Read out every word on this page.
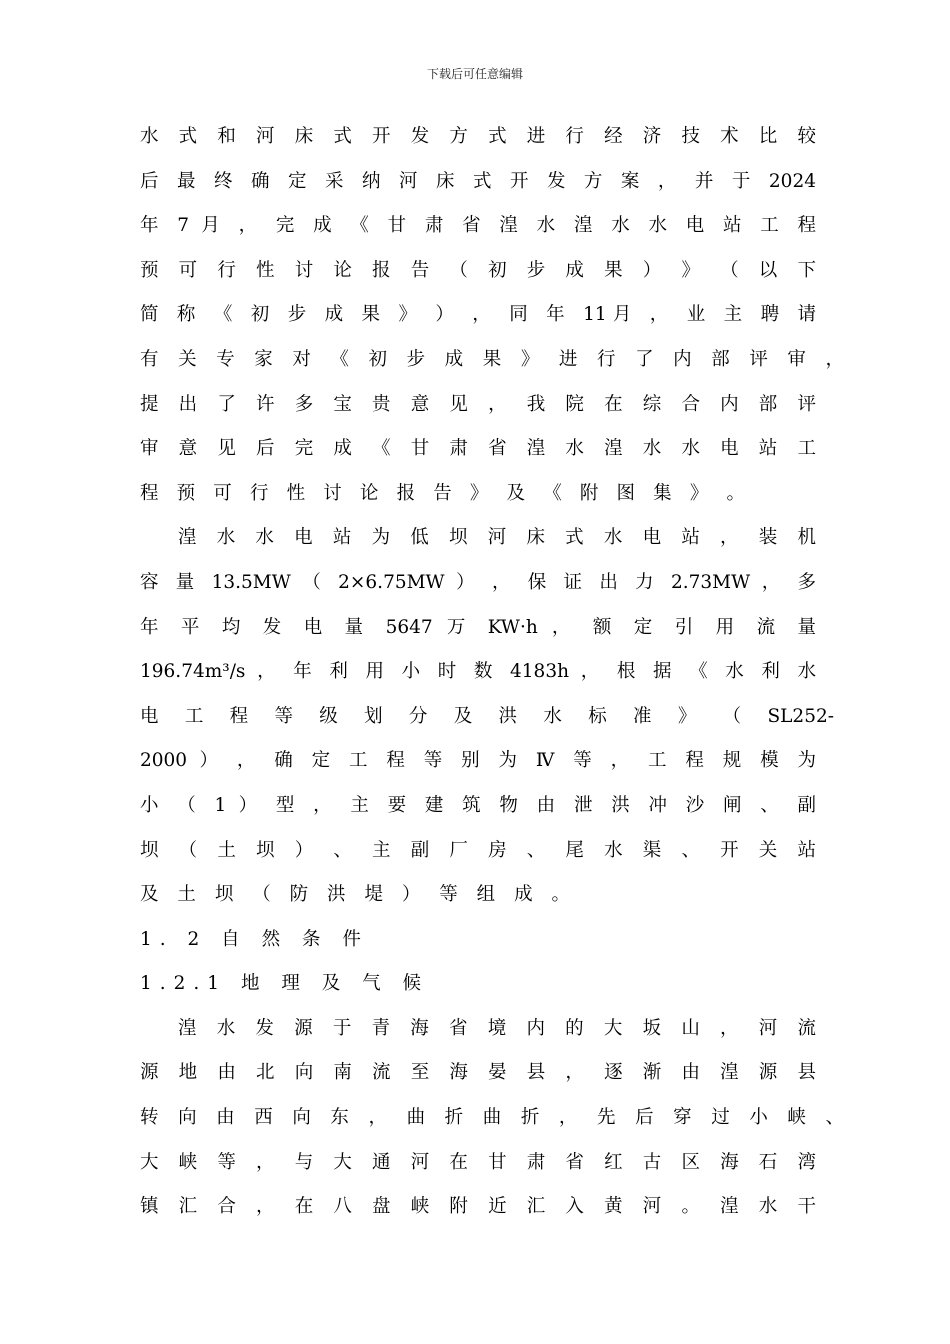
下载后可任意编辑
水 式 和 河 床 式 开 发 方 式 进 行 经 济 技 术 比 较
后 最 终 确 定 采 纳 河 床 式 开 发 方 案 ， 并 于 2024
年 7 月 ， 完 成 《 甘 肃 省 湟 水 湟 水 水 电 站 工 程
预 可 行 性 讨 论 报 告 （ 初 步 成 果 ） 》 （ 以 下
简 称 《 初 步 成 果 》 ） ， 同 年 11月 ， 业 主 聘 请
有 关 专 家 对 《 初 步 成 果 》 进 行 了 内 部 评 审 ，
提 出 了 许 多 宝 贵 意 见 ， 我 院 在 综 合 内 部 评
审 意 见 后 完 成 《 甘 肃 省 湟 水 湟 水 水 电 站 工
程 预 可 行 性 讨 论 报 告 》 及 《 附 图 集 》 。
湟 水 水 电 站 为 低 坝 河 床 式 水 电 站 ， 装 机
容 量 13.5MW （ 2×6.75MW ） ， 保 证 出 力 2.73MW ， 多
年 平 均 发 电 量 5647 万 KW·h ， 额 定 引 用 流 量
196.74m³/s ， 年 利 用 小 时 数 4183h ， 根 据 《 水 利 水
电 工 程 等 级 划 分 及 洪 水 标 准 》 （ SL252-
2000 ） ， 确 定 工 程 等 别 为 Ⅳ 等 ， 工 程 规 模 为
小 （ 1 ） 型 ， 主 要 建 筑 物 由 泄 洪 冲 沙 闸 、 副
坝 （ 土 坝 ） 、 主 副 厂 房 、 尾 水 渠 、 开 关 站
及 土 坝 （ 防 洪 堤 ） 等 组 成 。
1. 2 自 然 条 件
1.2.1 地 理 及 气 候
湟 水 发 源 于 青 海 省 境 内 的 大 坂 山 ， 河 流
源 地 由 北 向 南 流 至 海 晏 县 ， 逐 渐 由 湟 源 县
转 向 由 西 向 东 ， 曲 折 曲 折 ， 先 后 穿 过 小 峡 、
大 峡 等 ， 与 大 通 河 在 甘 肃 省 红 古 区 海 石 湾
镇 汇 合 ， 在 八 盘 峡 附 近 汇 入 黄 河 。 湟 水 干
